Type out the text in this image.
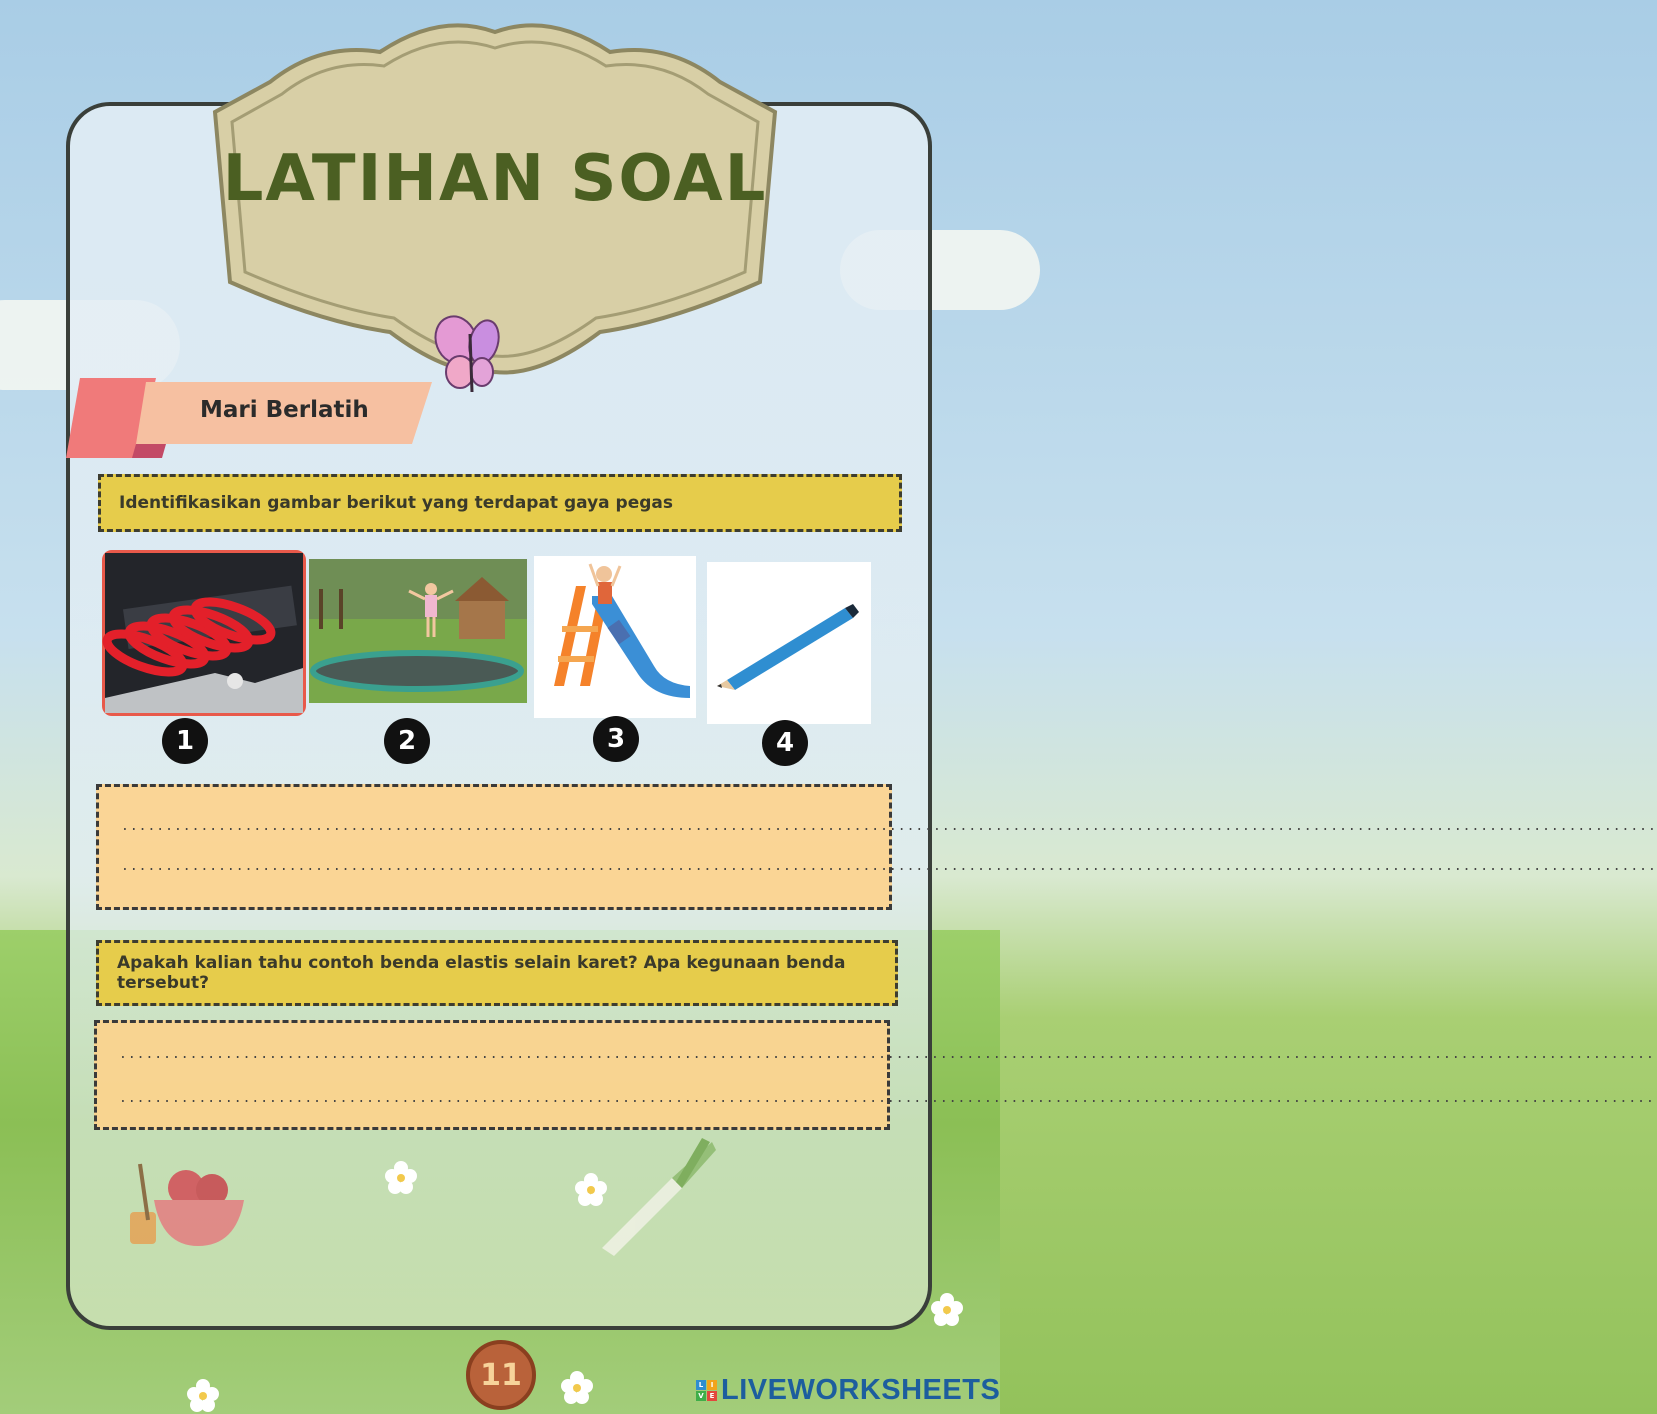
LATIHAN SOAL
Mari Berlatih
Identifikasikan gambar berikut yang terdapat gaya pegas
1	2	3	4
..............................................................................................................................................................................
..............................................................................................................................................................................
Apakah kalian tahu contoh benda elastis selain karet? Apa kegunaan benda tersebut?
..............................................................................................................................................................................
..............................................................................................................................................................................
11	L	I
V E LIVEWORKSHEETS
